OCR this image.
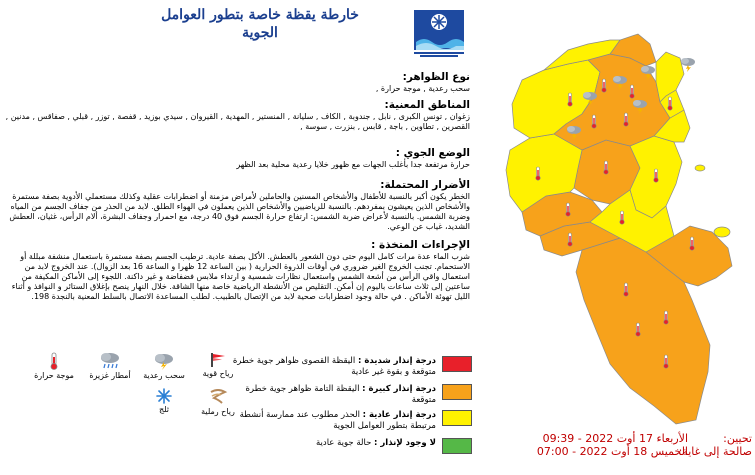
خارطة يقظة خاصة بتطور العوامل
الجوية
نوع الظواهر:
سحب رعدية , موجة حرارة ,
المناطق المعنية:
زغوان , تونس الكبرى , نابل , جندوبة , الكاف , سليانة , المنستير , المهدية , القيروان , سيدي بوزيد , قفصة , توزر , قبلي , صفاقس , مدنين , القصرين , تطاوين , باجة , قابس , بنزرت , سوسة ,
الوضع الجوي :
حرارة مرتفعة جدا بأغلب الجهات مع ظهور خلايا رعدية محلية بعد الظهر
الأضرار المحتملة:
الخطر يكون أكبر بالنسبة للأطفال والأشخاص المسنين والحاملين لأمراض مزمنة أو اضطرابات عقلية وكذلك مستعملي الأدوية بصفة مستمرة والأشخاص الذين يعيشون بمفردهم. بالنسبة للرياضيين والأشخاص الذين يعملون في الهواء الطلق. لابد من الحذر من جفاف الجسم من المياه وضربة الشمس. بالنسبة لأعراض ضربة الشمس: ارتفاع حرارة الجسم فوق 40 درجة، مع احمرار وجفاف البشرة، ألام الرأس، غثيان، العطش الشديد، غياب عن الوعي.
الإجراءات المتخذة :
شرب الماء عدة مرات كامل اليوم حتى دون الشعور بالعطش. الأكل بصفة عادية. ترطيب الجسم بصفة مستمرة باستعمال منشفة مبللة أو الاستحمام. تجنب الخروج الغير ضروري في أوقات الذروة الحرارية ( بين الساعة 12 ظهرا و الساعة 16 بعد الزوال). عند الخروج لابد من استعمال واقي الرأس من أشعة الشمس واستعمال نظارات شمسية و ارتداء ملابس فضفاضة و غير داكنة. اللجوء إلى الأماكن المكيفة من ساعتين إلى ثلاث ساعات باليوم إن أمكن. التقليص من الأنشطة الرياضية خاصة منها الشاقة. خلال النهار ينصح بإغلاق الستائر و النوافذ و أثناء الليل تهوئة الأماكن . في حالة وجود اضطرابات صحية لابد من الإتصال بالطبيب. لطلب المساعدة الاتصال بالسلط المعنية بالنجدة 198.
درجة إنذار شديدة : اليقظة القصوى ظواهر جوية خطرة متوقعة و بقوة غير عادية
درجة إنذار كبيرة : اليقظة التامة ظواهر جوية خطرة متوقعة
درجة إنذار عادية : الحذر مطلوب عند ممارسة أنشطة مرتبطة بتطور العوامل الجوية
لا وجود لإنذار : حالة جوية عادية
رياح قوية
سحب رعدية
أمطار غزيرة
موجة حرارة
رياح رملية
ثلج
تحيين:
الأربعاء 17 أوت 2022 - 09:39
صالحة إلى غاية:
الخميس 18 أوت 2022 - 07:00
